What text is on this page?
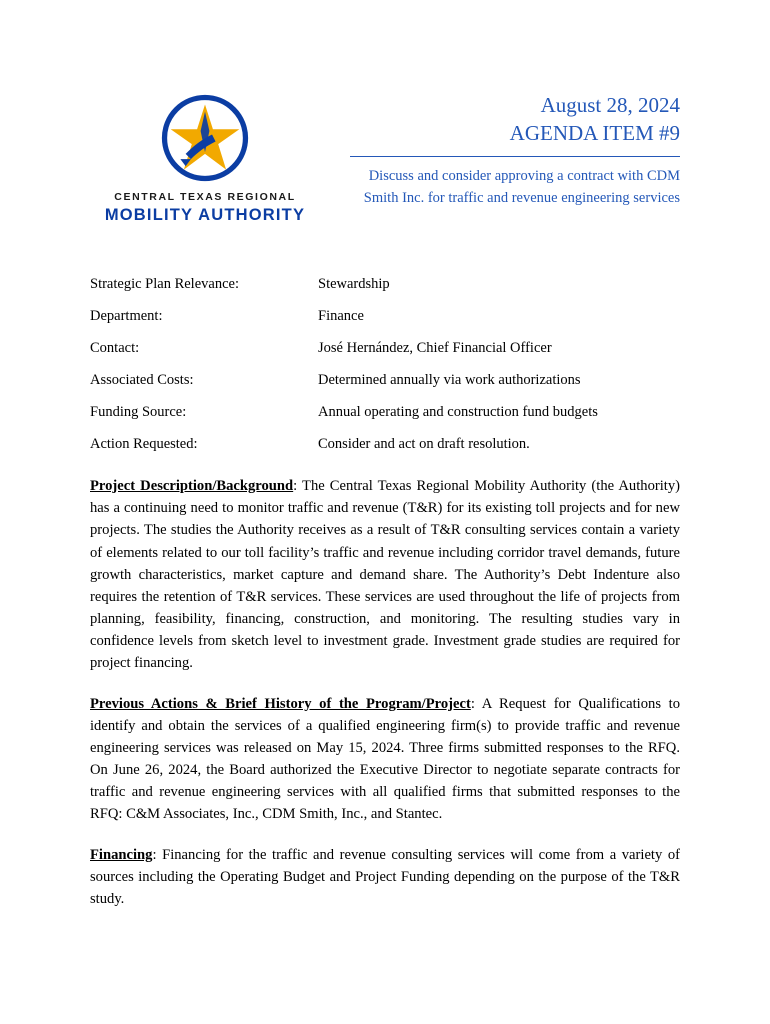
CENTRAL TEXAS REGIONAL
MOBILITY AUTHORITY
August 28, 2024
AGENDA ITEM #9
Discuss and consider approving a contract with CDM Smith Inc. for traffic and revenue engineering services
Strategic Plan Relevance:	Stewardship
Department:	Finance
Contact:	José Hernández, Chief Financial Officer
Associated Costs:	Determined annually via work authorizations
Funding Source:	Annual operating and construction fund budgets
Action Requested:	Consider and act on draft resolution.

Project Description/Background: The Central Texas Regional Mobility Authority (the Authority) has a continuing need to monitor traffic and revenue (T&R) for its existing toll projects and for new projects. The studies the Authority receives as a result of T&R consulting services contain a variety of elements related to our toll facility’s traffic and revenue including corridor travel demands, future growth characteristics, market capture and demand share. The Authority’s Debt Indenture also requires the retention of T&R services. These services are used throughout the life of projects from planning, feasibility, financing, construction, and monitoring. The resulting studies vary in confidence levels from sketch level to investment grade. Investment grade studies are required for project financing.

Previous Actions & Brief History of the Program/Project: A Request for Qualifications to identify and obtain the services of a qualified engineering firm(s) to provide traffic and revenue engineering services was released on May 15, 2024. Three firms submitted responses to the RFQ. On June 26, 2024, the Board authorized the Executive Director to negotiate separate contracts for traffic and revenue engineering services with all qualified firms that submitted responses to the RFQ: C&M Associates, Inc., CDM Smith, Inc., and Stantec.

Financing: Financing for the traffic and revenue consulting services will come from a variety of sources including the Operating Budget and Project Funding depending on the purpose of the T&R study.
